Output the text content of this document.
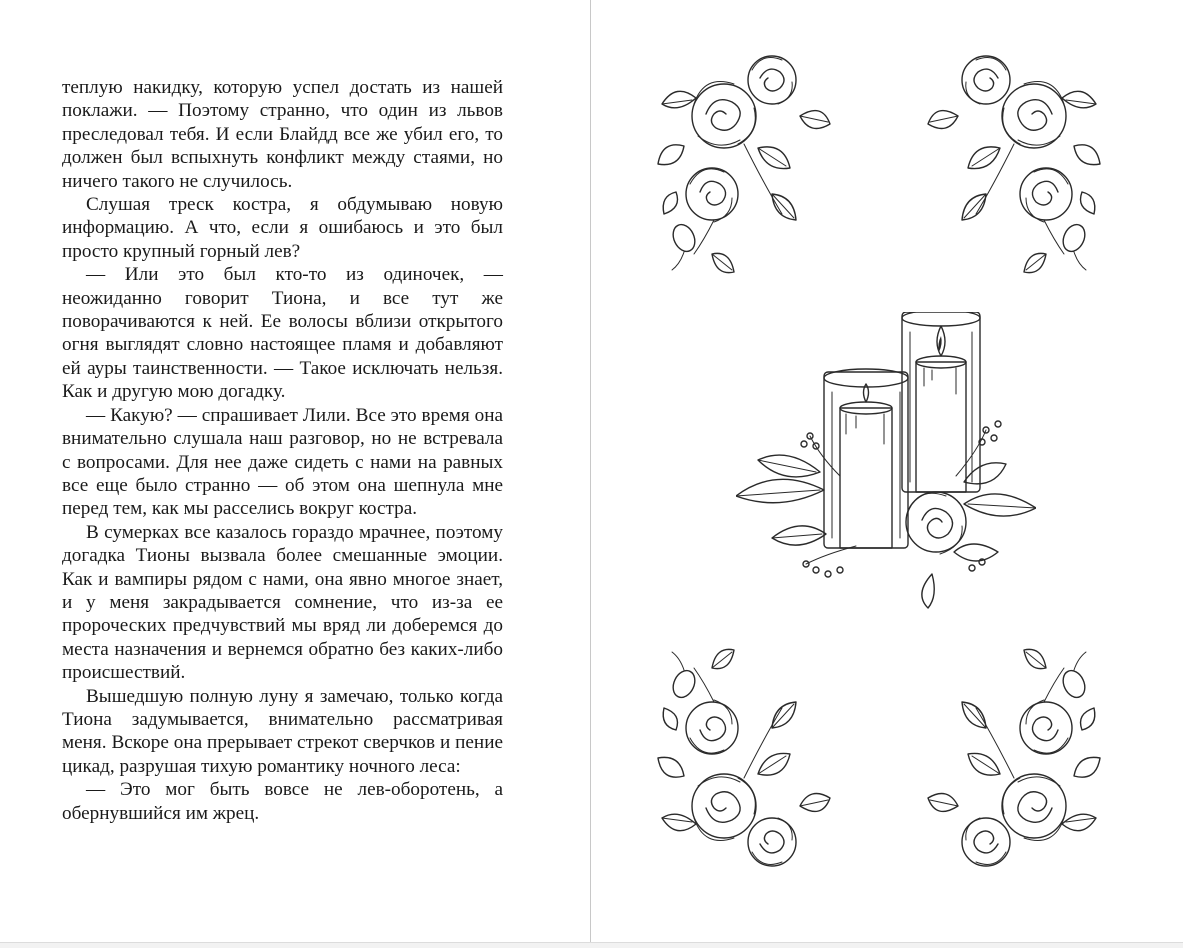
теплую накидку, которую успел достать из нашей поклажи. — Поэтому странно, что один из львов преследовал тебя. И если Блайдд все же убил его, то должен был вспыхнуть конфликт между стаями, но ничего такого не случилось.

Слушая треск костра, я обдумываю новую информацию. А что, если я ошибаюсь и это был просто крупный горный лев?

— Или это был кто-то из одиночек, — неожиданно говорит Тиона, и все тут же поворачиваются к ней. Ее волосы вблизи открытого огня выглядят словно настоящее пламя и добавляют ей ауры таинственности. — Такое исключать нельзя. Как и другую мою догадку.

— Какую? — спрашивает Лили. Все это время она внимательно слушала наш разговор, но не встревала с вопросами. Для нее даже сидеть с нами на равных все еще было странно — об этом она шепнула мне перед тем, как мы расселись вокруг костра.

В сумерках все казалось гораздо мрачнее, поэтому догадка Тионы вызвала более смешанные эмоции. Как и вампиры рядом с нами, она явно многое знает, и у меня закрадывается сомнение, что из-за ее пророческих предчувствий мы вряд ли доберемся до места назначения и вернемся обратно без каких-либо происшествий.

Вышедшую полную луну я замечаю, только когда Тиона задумывается, внимательно рассматривая меня. Вскоре она прерывает стрекот сверчков и пение цикад, разрушая тихую романтику ночного леса:

— Это мог быть вовсе не лев-оборотень, а обернувшийся им жрец.
